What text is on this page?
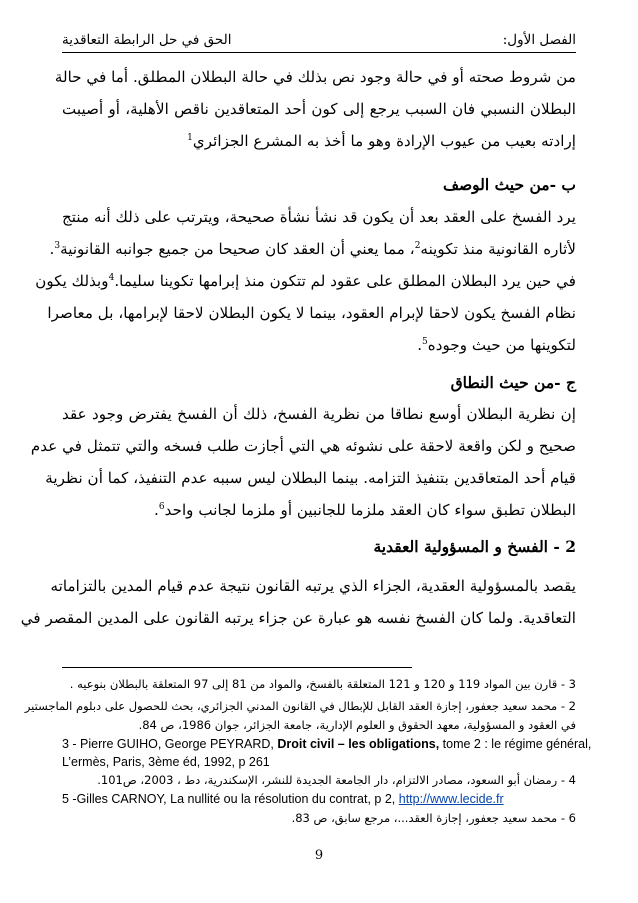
الحق في حل الرابطة التعاقدية	الفصل الأول:
من شروط صحته أو في حالة وجود نص بذلك في حالة البطلان المطلق. أما في حالة
البطلان النسبي فان السبب يرجع إلى كون أحد المتعاقدين ناقص الأهلية، أو أصيبت
إرادته بعيب من عيوب الإرادة وهو ما أخذ به المشرع الجزائري$^1$
ب -من حيث الوصف
يرد الفسخ على العقد بعد أن يكون قد نشأ نشأة صحيحة، ويترتب على ذلك أنه منتج
لأثاره القانونية منذ تكوينه$^2$، مما يعني أن العقد كان صحيحا من جميع جوانبه القانونية$^3$.
في حين يرد البطلان المطلق على عقود لم تتكون منذ إبرامها تكوينا سليما.$^4$وبذلك يكون
نظام الفسخ يكون لاحقا لإبرام العقود، بينما لا يكون البطلان لاحقا لإبرامها، بل معاصرا
لتكوينها من حيث وجوده$^5$.
ج -من حيث النطاق
إن نظرية البطلان أوسع نطاقا من نظرية الفسخ، ذلك أن الفسخ يفترض وجود عقد
صحيح و لكن واقعة لاحقة على نشوئه هي التي أجازت طلب فسخه والتي تتمثل في عدم
قيام أحد المتعاقدين بتنفيذ التزامه. بينما البطلان ليس سببه عدم التنفيذ، كما أن نظرية
البطلان تطبق سواء كان العقد ملزما للجانبين أو ملزما لجانب واحد$^6$.
2 - الفسخ و المسؤولية العقدية
يقصد بالمسؤولية العقدية، الجزاء الذي يرتبه القانون نتيجة عدم قيام المدين بالتزاماته
التعاقدية. ولما كان الفسخ نفسه هو عبارة عن جزاء يرتبه القانون على المدين المقصر في
3 - قارن بين المواد 119 و 120 و 121 المتعلقة بالفسخ، والمواد من 81 إلى 97 المتعلقة بالبطلان بنوعيه .
2 - محمد سعيد جعفور، إجازة العقد القابل للإبطال في القانون المدني الجزائري، بحث للحصول على دبلوم الماجستير
في العقود و المسؤولية، معهد الحقوق و العلوم الإدارية، جامعة الجزائر، جوان 1986، ص 84.
3 - Pierre GUIHO, George PEYRARD, Droit civil – les obligations, tome 2 : le régime général,
L’ermès, Paris, 3ème éd, 1992, p 261
4 - رمضان أبو السعود، مصادر الالتزام، دار الجامعة الجديدة للنشر، الإسكندرية، دط ، 2003، ص101.
5 -Gilles CARNOY, La nullité ou la résolution du contrat, p 2, http://www.lecide.fr
6 - محمد سعيد جعفور، إجازة العقد...، مرجع سابق، ص 83.
9
